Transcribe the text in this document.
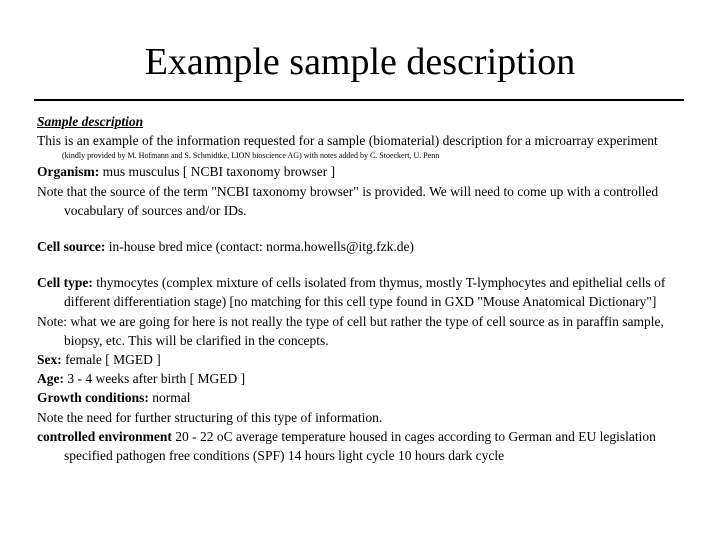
Example sample description

Sample description

This is an example of the information requested for a sample (biomaterial) description for a microarray experiment

(kindly provided by M. Hofmann and S. Schmidtke, LION bioscience AG) with notes added by C. Stoeckert, U. Penn

Organism: mus musculus [ NCBI taxonomy browser ]

Note that the source of the term "NCBI taxonomy browser" is provided. We will need to come up with a controlled vocabulary of sources and/or IDs.

Cell source: in-house bred mice (contact: norma.howells@itg.fzk.de)

Cell type: thymocytes (complex mixture of cells isolated from thymus, mostly T-lymphocytes and epithelial cells of different differentiation stage) [no matching for this cell type found in GXD "Mouse Anatomical Dictionary"]

Note: what we are going for here is not really the type of cell but rather the type of cell source as in paraffin sample, biopsy, etc. This will be clarified in the concepts.

Sex: female [ MGED ]

Age: 3 - 4 weeks after birth [ MGED ]

Growth conditions: normal

Note the need for further structuring of this type of information.

controlled environment 20 - 22 oC average temperature housed in cages according to German and EU legislation specified pathogen free conditions (SPF) 14 hours light cycle 10 hours dark cycle
